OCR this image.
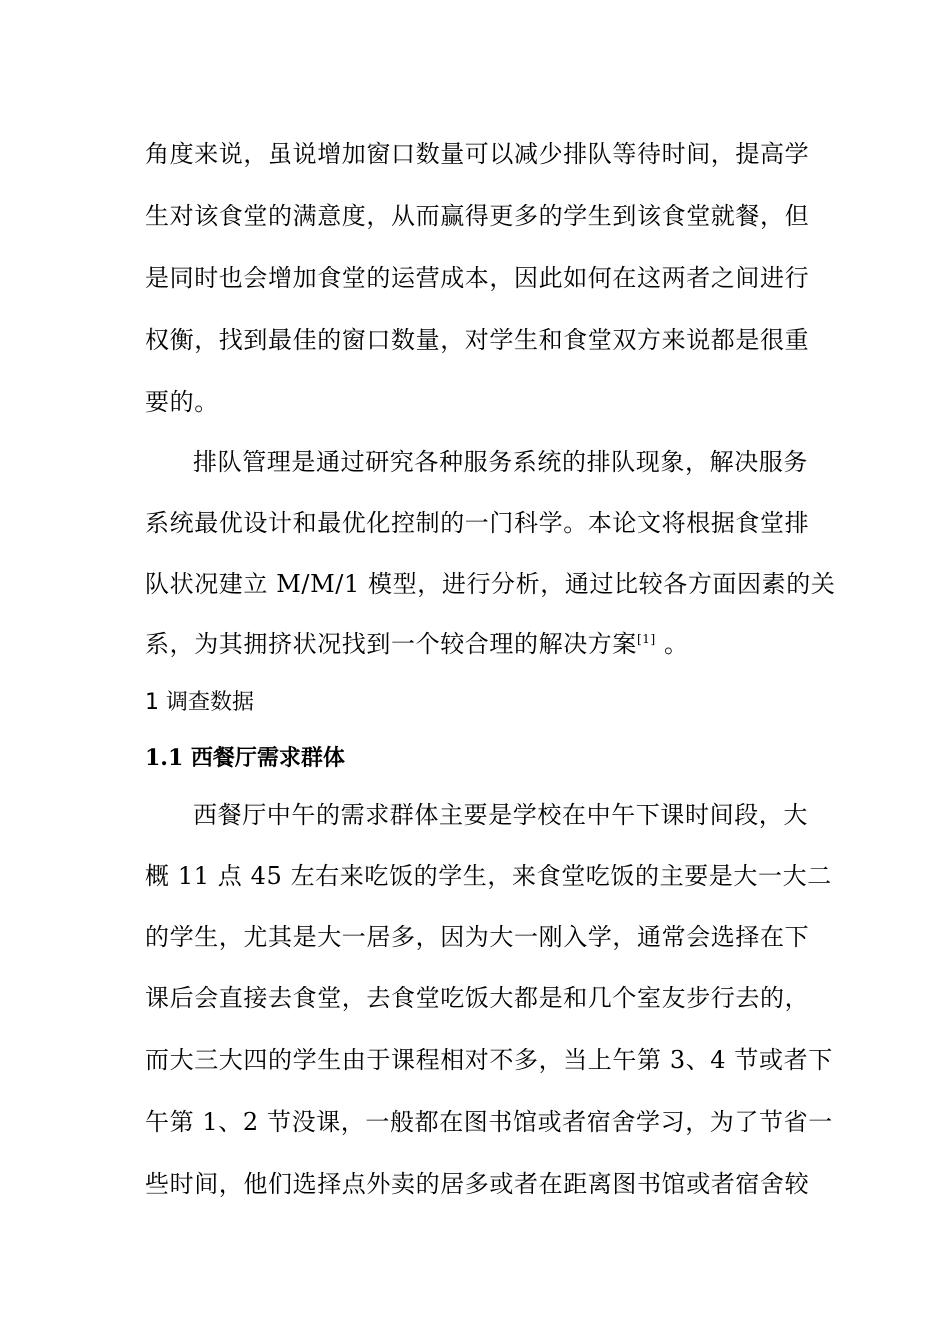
角度来说，虽说增加窗口数量可以减少排队等待时间，提高学
生对该食堂的满意度，从而赢得更多的学生到该食堂就餐，但
是同时也会增加食堂的运营成本，因此如何在这两者之间进行
权衡，找到最佳的窗口数量，对学生和食堂双方来说都是很重
要的。
排队管理是通过研究各种服务系统的排队现象，解决服务
系统最优设计和最优化控制的一门科学。本论文将根据食堂排
队状况建立 M/M/1 模型，进行分析，通过比较各方面因素的关
系，为其拥挤状况找到一个较合理的解决方案[1] 。
1 调查数据
1.1 西餐厅需求群体
西餐厅中午的需求群体主要是学校在中午下课时间段，大
概 11 点 45 左右来吃饭的学生，来食堂吃饭的主要是大一大二
的学生，尤其是大一居多，因为大一刚入学，通常会选择在下
课后会直接去食堂，去食堂吃饭大都是和几个室友步行去的，
而大三大四的学生由于课程相对不多，当上午第 3、4 节或者下
午第 1、2 节没课，一般都在图书馆或者宿舍学习，为了节省一
些时间，他们选择点外卖的居多或者在距离图书馆或者宿舍较
